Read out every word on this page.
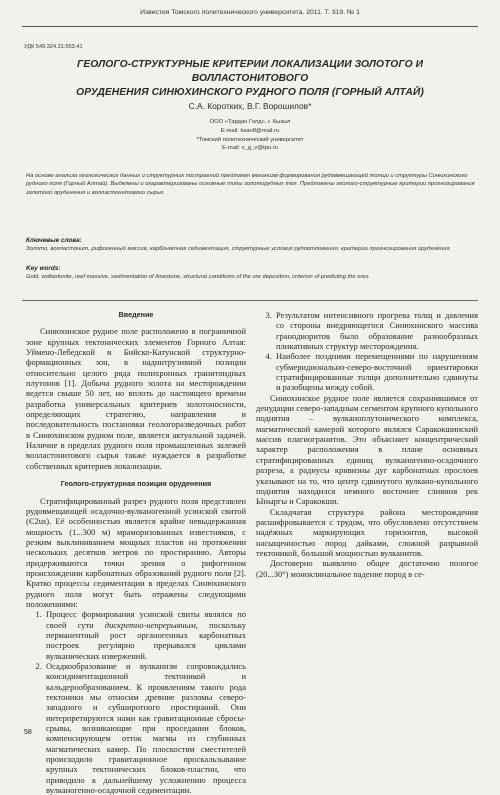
Известия Томского политехнического университета. 2011. Т. 319. № 1
УДК 549.324.31:553.41
ГЕОЛОГО-СТРУКТУРНЫЕ КРИТЕРИИ ЛОКАЛИЗАЦИИ ЗОЛОТОГО И ВОЛЛАСТОНИТОВОГО
ОРУДЕНЕНИЯ СИНЮХИНСКОГО РУДНОГО ПОЛЯ (ГОРНЫЙ АЛТАЙ)
С.А. Коротких, В.Г. Ворошилов*
ООО «Тардан Голд», г. Кызыл
E-mail: ksan8@mail.ru
*Томский политехнический университет
E-mail: v_g_v@tpu.ru
На основе анализа геологических данных и структурных построений предложен механизм формирования рудовмещающей толщи и структуры Синюхинского рудного поля (Горный Алтай). Выделены и охарактеризованы основные типы золоторудных тел. Предложены геолого-структурные критерии прогнозирования золотого оруденения и волластонитового сырья.
Ключевые слова:
Золото, волластонит, рифогенный массив, карбонатная седиментация, структурные условия рудоотложения, критерии прогнозирования оруденения.
Key words:
Gold, wollastonite, reef massive, sedimentation of limestone, structural conditions of the ore deposition, criterion of predicting the ores.
Введение

Синюхинское рудное поле расположено в пограничной зоне крупных тектонических элементов Горного Алтая: Уймено-Лебедской и Бийско-Катунской структурно-формационных зон, в надинтрузивной позиции относительно целого ряда полихронных гранитоидных плутонов [1]. Добыча рудного золота на месторождении ведется свыше 50 лет, но вплоть до настоящего времени разработка универсальных критериев золотоносности, определяющих стратегию, направления и последовательность постановки геологоразведочных работ в Синюхинском рудном поле, является актуальной задачей. Наличие в пределах рудного поля промышленных залежей волластонитового сырья также нуждается в разработке собственных критериев локализации.

Геолого-структурная позиция оруденения

Стратифицированный разрез рудного поля представлен рудовмещающей осадочно-вулканогенной усинской свитой (Є2us). Её особенностью является крайне невыдержанная мощность (1...300 м) мраморизованных известняков, с резким выклиниванием мощных пластов на протяжении нескольких десятков метров по простиранию. Авторы придерживаются точки зрения о рифогенном происхождении карбонатных образований рудного поля [2]. Кратко процессы седиментации в пределах Синюхинского рудного поля могут быть отражены следующими положениями:

1. Процесс формирования усинской свиты являлся по своей сути дискретно-непрерывным, поскольку перманентный рост органогенных карбонатных построек регулярно прерывался циклами вулканических извержений.
2. Осадкообразование и вулканизм сопровождались консидиментационной тектоникой и кальдерообразованием. К проявлениям такого рода тектоники мы относим древние разломы северо-западного и субширотного простираний. Они интерпретируются нами как гравитационные сбросы-срывы, возникающие при проседании блоков, компенсирующем отток магмы из глубинных магматических камер. По плоскостям сместителей происходило гравитационное проскальзывание крупных тектонических блоков-пластин, что приводило к дальнейшему усложнению процесса вулканогенно-осадочной седиментации.
3. Результатом интенсивного прогрева толщ и давления со стороны внедряющегося Синюхинского массива гранодиоритов было образование разнообразных пликативных структур месторождения.
4. Наиболее поздними перемещениями по нарушениям субмеридионально-северо-восточной ориентировки стратифицированные толщи дополнительно сдвинуты и разобщены между собой.

Синюхинское рудное поле является сохранившимся от денудации северо-западным сегментом крупного купольного поднятия – вулканоплутонического комплекса, магматической камерой которого являлся Саракокшинский массив плагиогранитов. Это объясняет концентрический характер расположения в плане основных стратифицированных единиц вулканогенно-осадочного разреза, а радиусы кривизны дуг карбонатных прослоев указывают на то, что центр сдвинутого вулкано-купольного поднятия находился немного восточнее слияния рек Ыныргы и Саракокши.

Складчатая структура района месторождения расшифровывается с трудом, что обусловлено отсутствием надёжных маркирующих горизонтов, высокой насыщенностью пород дайками, сложной разрывной тектоникой, большой мощностью вулканитов.

Достоверно выявлено общее достаточно пологое (20...30°) моноклинальное падение пород в се-

58
